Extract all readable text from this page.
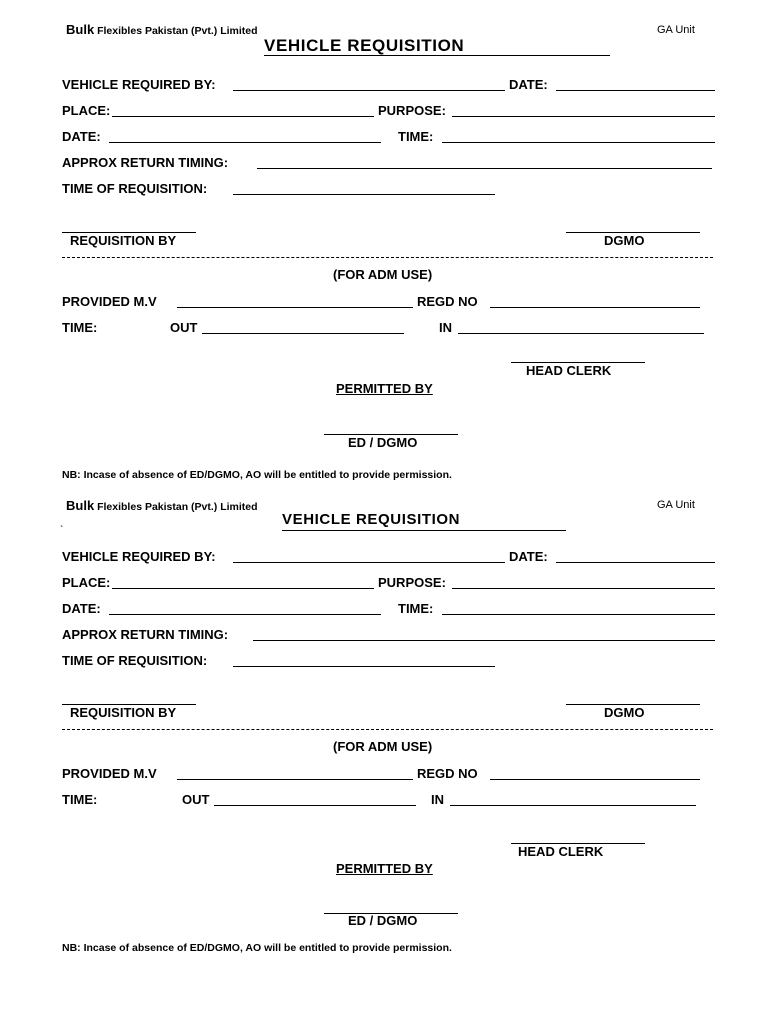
Bulk Flexibles Pakistan (Pvt.) Limited	GA Unit
VEHICLE REQUISITION
VEHICLE REQUIRED BY:	DATE:
PLACE:	PURPOSE:
DATE:	TIME:
APPROX RETURN TIMING:
TIME OF REQUISITION:
REQUISITION BY	DGMO
(FOR ADM USE)
PROVIDED M.V	REGD NO
TIME:	OUT	IN
HEAD CLERK
PERMITTED BY
ED / DGMO
NB: Incase of absence of ED/DGMO, AO will be entitled to provide permission.
Bulk Flexibles Pakistan (Pvt.) Limited	GA Unit
`
VEHICLE REQUISITION
VEHICLE REQUIRED BY:	DATE:
PLACE:	PURPOSE:
DATE:	TIME:
APPROX RETURN TIMING:
TIME OF REQUISITION:
REQUISITION BY	DGMO
(FOR ADM USE)
PROVIDED M.V	REGD NO
TIME:	OUT	IN
HEAD CLERK
PERMITTED BY
ED / DGMO
NB: Incase of absence of ED/DGMO, AO will be entitled to provide permission.
